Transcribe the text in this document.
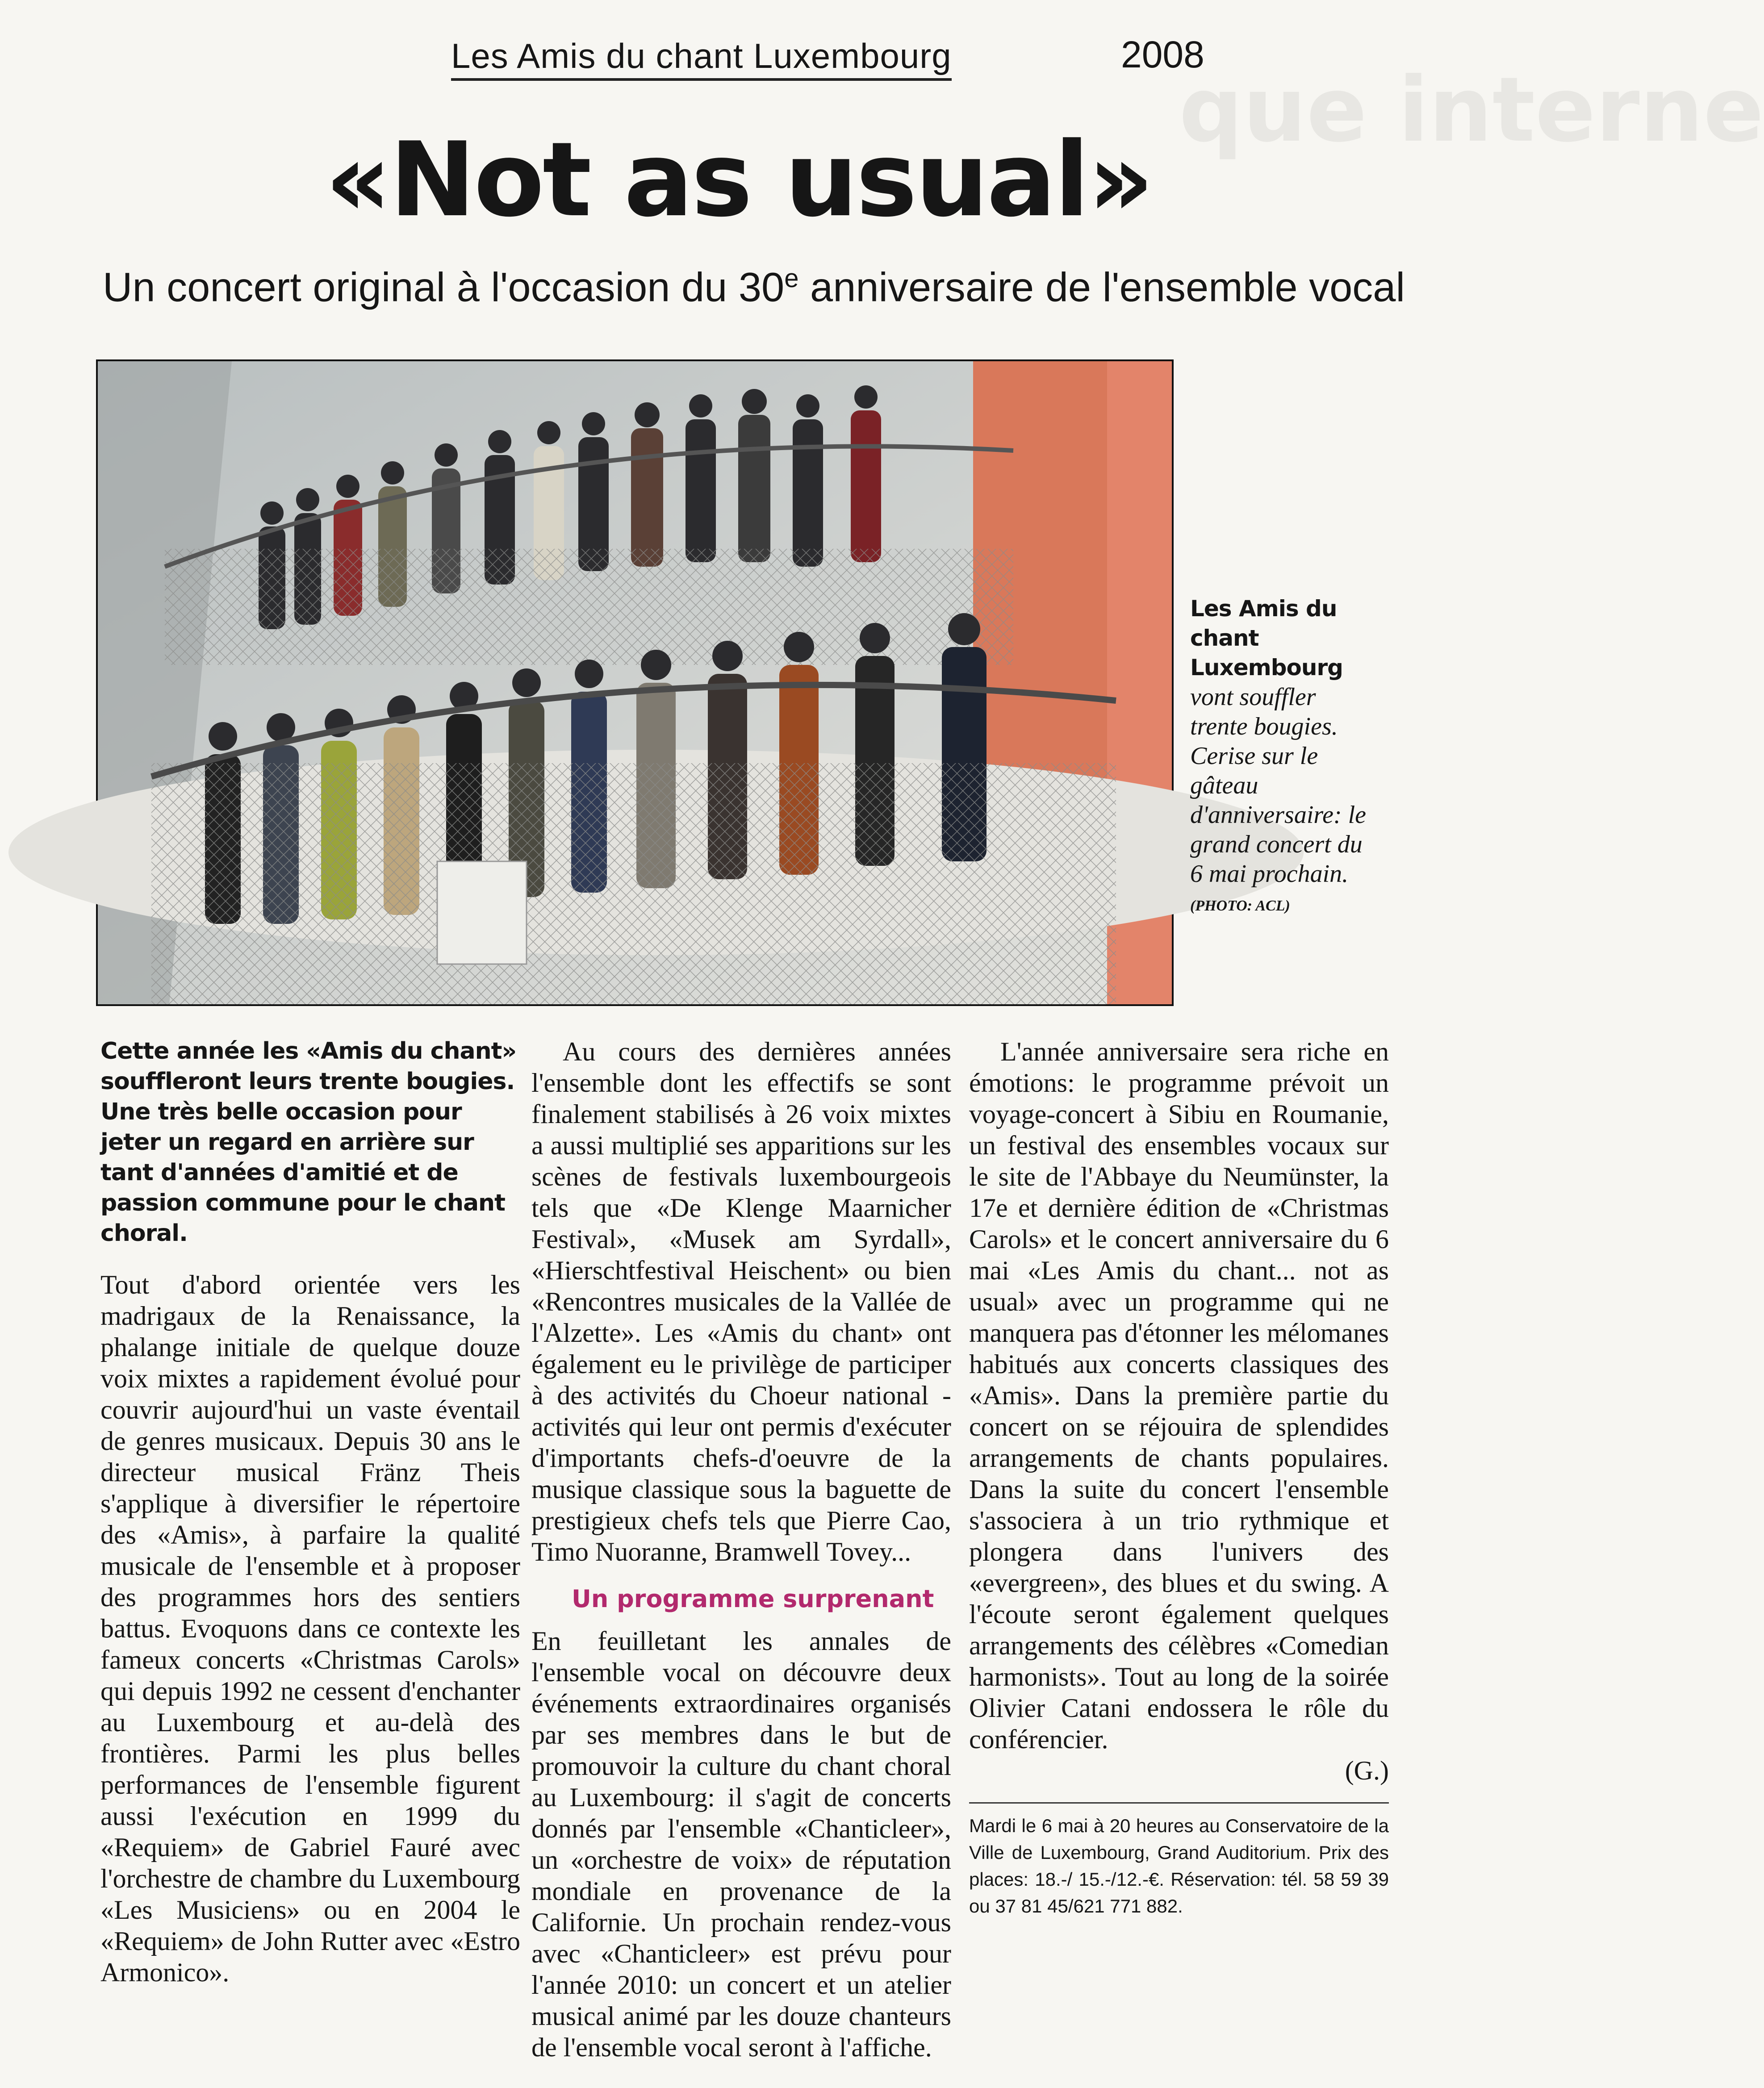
Les Amis du chant Luxembourg	2008
que interne
«Not as usual»
Un concert original à l'occasion du 30e anniversaire de l'ensemble vocal
Les Amis du chant Luxembourg
vont souffler trente bougies. Cerise sur le gâteau d'anniversaire: le grand concert du 6 mai prochain.
(PHOTO: ACL)

Cette année les «Amis du chant» souffleront leurs trente bougies. Une très belle occasion pour jeter un regard en arrière sur tant d'années d'amitié et de passion commune pour le chant choral.

Tout d'abord orientée vers les madrigaux de la Renaissance, la phalange initiale de quelque douze voix mixtes a rapidement évolué pour couvrir aujourd'hui un vaste éventail de genres musicaux. Depuis 30 ans le directeur musical Fränz Theis s'applique à diversifier le répertoire des «Amis», à parfaire la qualité musicale de l'ensemble et à proposer des programmes hors des sentiers battus. Evoquons dans ce contexte les fameux concerts «Christmas Carols» qui depuis 1992 ne cessent d'enchanter au Luxembourg et au-delà des frontières. Parmi les plus belles performances de l'ensemble figurent aussi l'exécution en 1999 du «Requiem» de Gabriel Fauré avec l'orchestre de chambre du Luxembourg «Les Musiciens» ou en 2004 le «Requiem» de John Rutter avec «Estro Armonico».

Au cours des dernières années l'ensemble dont les effectifs se sont finalement stabilisés à 26 voix mixtes a aussi multiplié ses apparitions sur les scènes de festivals luxembourgeois tels que «De Klenge Maarnicher Festival», «Musek am Syrdall», «Hierschtfestival Heischent» ou bien «Rencontres musicales de la Vallée de l'Alzette». Les «Amis du chant» ont également eu le privilège de participer à des activités du Choeur national - activités qui leur ont permis d'exécuter d'importants chefs-d'oeuvre de la musique classique sous la baguette de prestigieux chefs tels que Pierre Cao, Timo Nuoranne, Bramwell Tovey...

Un programme surprenant

En feuilletant les annales de l'ensemble vocal on découvre deux événements extraordinaires organisés par ses membres dans le but de promouvoir la culture du chant choral au Luxembourg: il s'agit de concerts donnés par l'ensemble «Chanticleer», un «orchestre de voix» de réputation mondiale en provenance de la Californie. Un prochain rendez-vous avec «Chanticleer» est prévu pour l'année 2010: un concert et un atelier musical animé par les douze chanteurs de l'ensemble vocal seront à l'affiche.

L'année anniversaire sera riche en émotions: le programme prévoit un voyage-concert à Sibiu en Roumanie, un festival des ensembles vocaux sur le site de l'Abbaye du Neumünster, la 17e et dernière édition de «Christmas Carols» et le concert anniversaire du 6 mai «Les Amis du chant... not as usual» avec un programme qui ne manquera pas d'étonner les mélomanes habitués aux concerts classiques des «Amis». Dans la première partie du concert on se réjouira de splendides arrangements de chants populaires. Dans la suite du concert l'ensemble s'associera à un trio rythmique et plongera dans l'univers des «evergreen», des blues et du swing. A l'écoute seront également quelques arrangements des célèbres «Comedian harmonists». Tout au long de la soirée Olivier Catani endossera le rôle du conférencier.

(G.)

Mardi le 6 mai à 20 heures au Conservatoire de la Ville de Luxembourg, Grand Auditorium. Prix des places: 18.-/ 15.-/12.-€. Réservation: tél. 58 59 39 ou 37 81 45/621 771 882.
